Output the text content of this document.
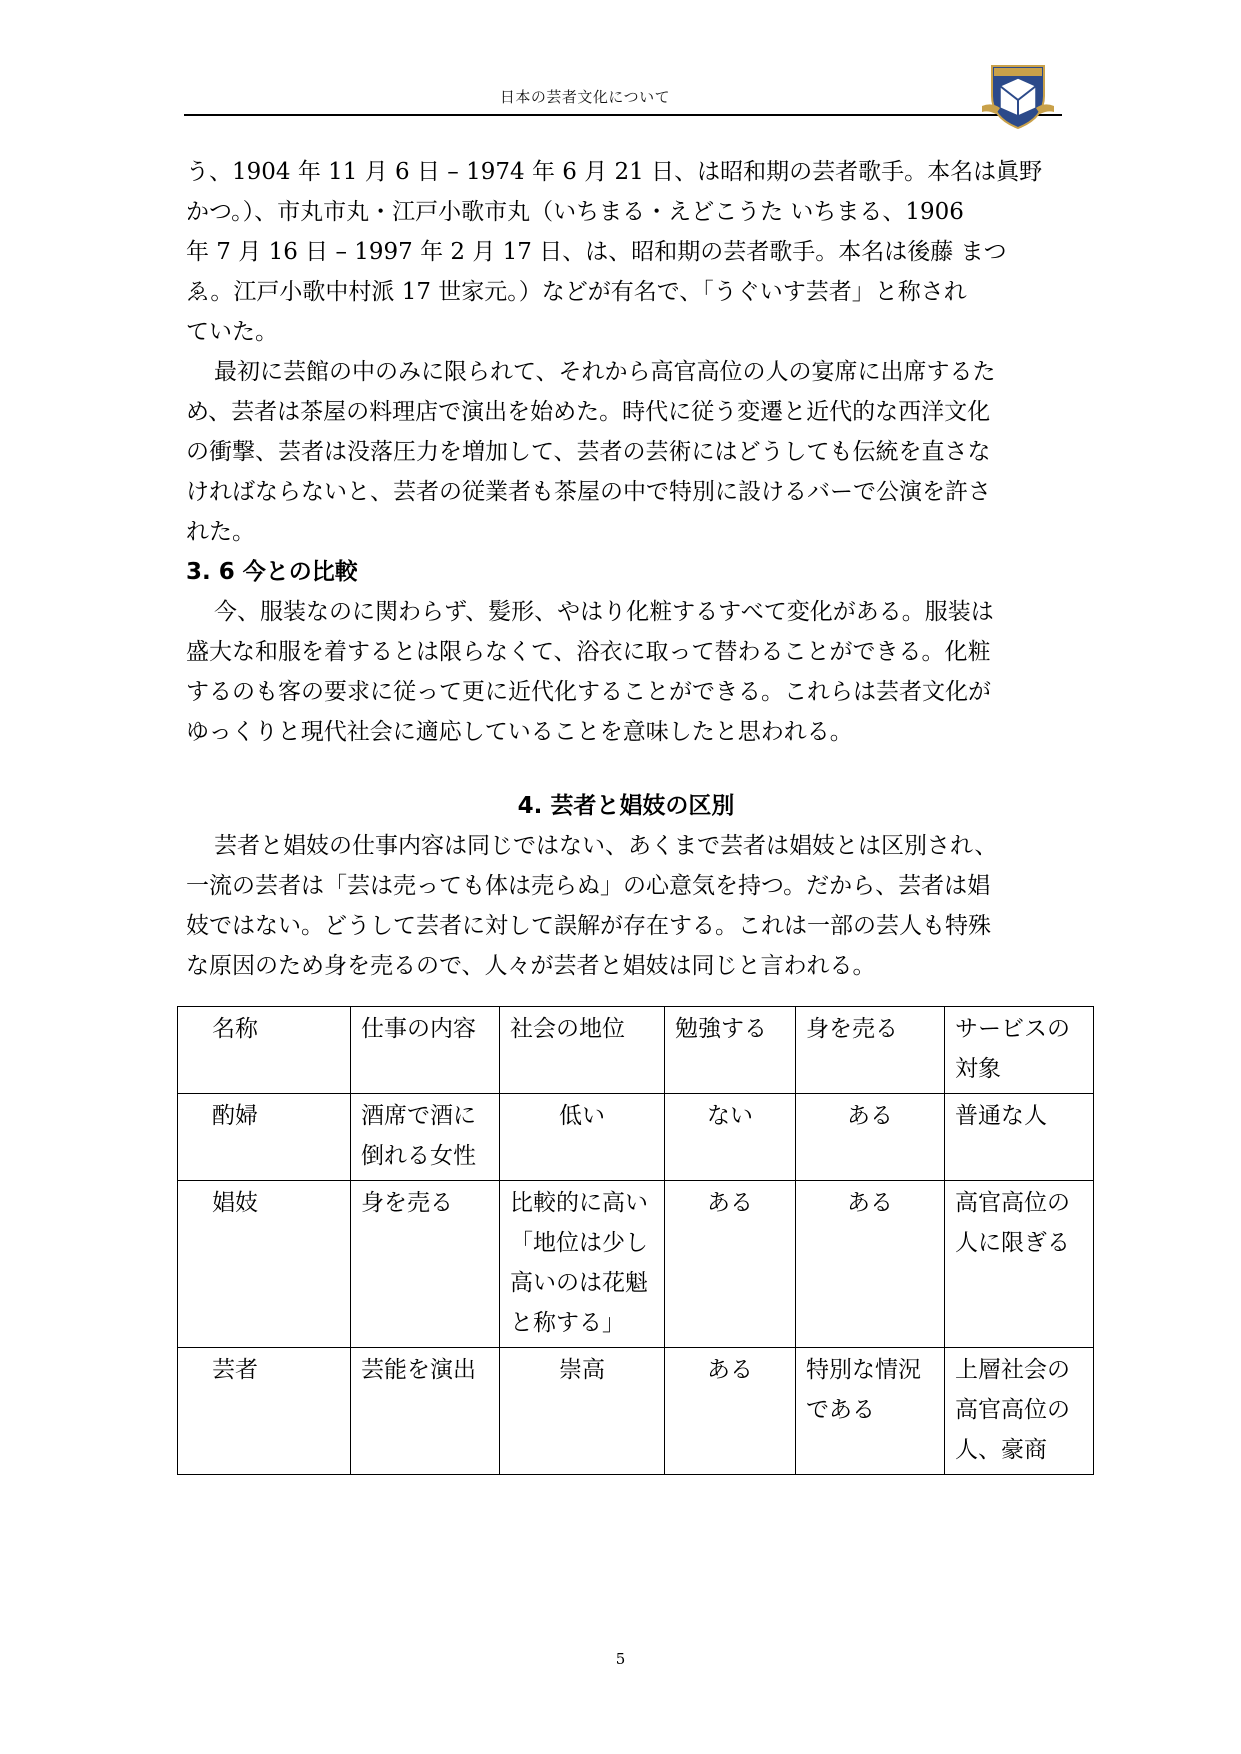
日本の芸者文化について

う、1904 年 11 月 6 日 – 1974 年 6 月 21 日、は昭和期の芸者歌手。本名は眞野
かつ。）、市丸市丸・江戸小歌市丸（いちまる・えどこうた いちまる、1906
年 7 月 16 日 – 1997 年 2 月 17 日、は、昭和期の芸者歌手。本名は後藤 まつ
ゑ。江戸小歌中村派 17 世家元。）などが有名で、「うぐいす芸者」と称され
ていた。

最初に芸館の中のみに限られて、それから高官高位の人の宴席に出席するた
め、芸者は茶屋の料理店で演出を始めた。時代に従う変遷と近代的な西洋文化
の衝撃、芸者は没落圧力を増加して、芸者の芸術にはどうしても伝統を直さな
ければならないと、芸者の従業者も茶屋の中で特別に設けるバーで公演を許さ
れた。

3. 6 今との比較

今、服装なのに関わらず、髪形、やはり化粧するすべて変化がある。服装は
盛大な和服を着するとは限らなくて、浴衣に取って替わることができる。化粧
するのも客の要求に従って更に近代化することができる。これらは芸者文化が
ゆっくりと現代社会に適応していることを意味したと思われる。

4. 芸者と娼妓の区別

芸者と娼妓の仕事内容は同じではない、あくまで芸者は娼妓とは区別され、
一流の芸者は「芸は売っても体は売らぬ」の心意気を持つ。だから、芸者は娼
妓ではない。どうして芸者に対して誤解が存在する。これは一部の芸人も特殊
な原因のため身を売るので、人々が芸者と娼妓は同じと言われる。

名称	仕事の内容	社会の地位	勉強する	身を売る	サービスの対象
酌婦	酒席で酒に倒れる女性	低い	ない	ある	普通な人
娼妓	身を売る	比較的に高い「地位は少し高いのは花魁と称する」	ある	ある	高官高位の人に限ぎる
芸者	芸能を演出	崇高	ある	特別な情況である	上層社会の高官高位の人、豪商
5
